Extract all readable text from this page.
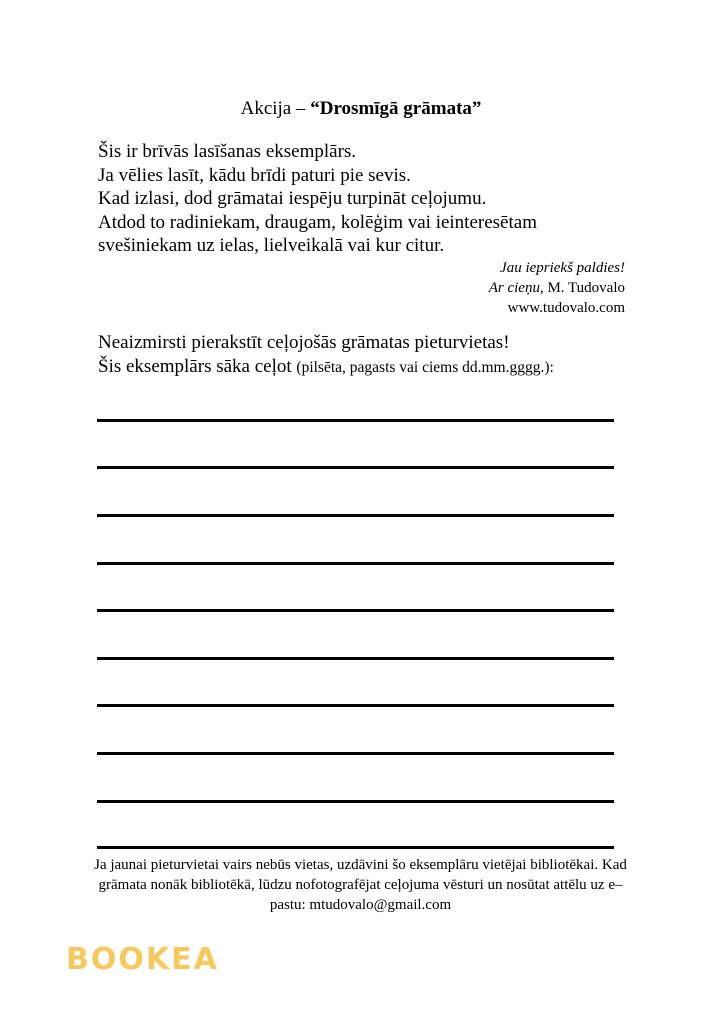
Akcija – “Drosmīgā grāmata”
Šis ir brīvās lasīšanas eksemplārs.
Ja vēlies lasīt, kādu brīdi paturi pie sevis.
Kad izlasi, dod grāmatai iespēju turpināt ceļojumu.
Atdod to radiniekam, draugam, kolēģim vai ieinteresētam
svešiniekam uz ielas, lielveikalā vai kur citur.
Jau iepriekš paldies!
Ar cieņu, M. Tudovalo
www.tudovalo.com
Neaizmirsti pierakstīt ceļojošās grāmatas pieturvietas!
Šis eksemplārs sāka ceļot (pilsēta, pagasts vai ciems dd.mm.gggg.):
Ja jaunai pieturvietai vairs nebūs vietas, uzdāvini šo eksemplāru vietējai bibliotēkai. Kad grāmata nonāk bibliotēkā, lūdzu nofotografējat ceļojuma vēsturi un nosūtat attēlu uz e–pastu: mtudovalo@gmail.com
BOOKEA
